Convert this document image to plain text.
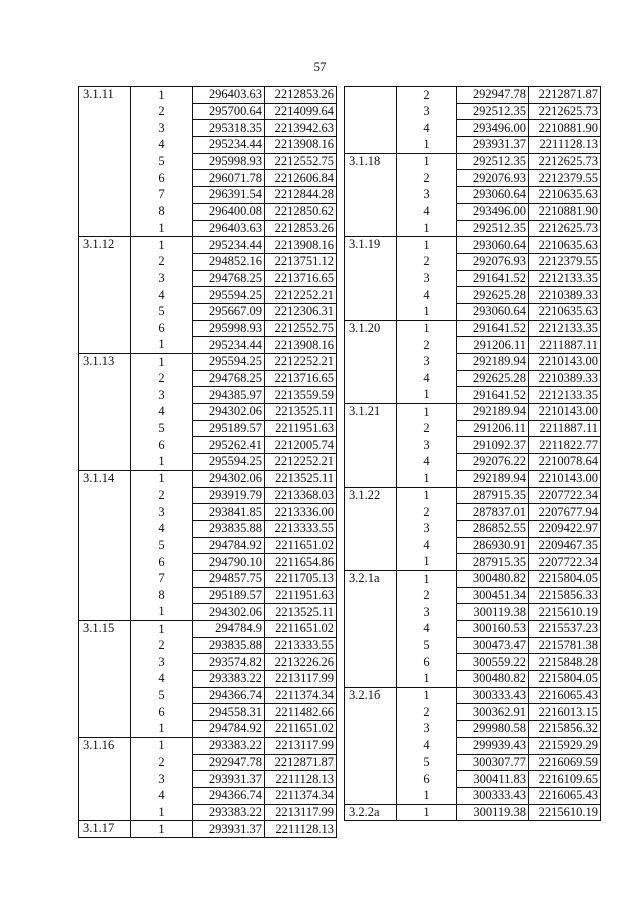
57
3.1.11	1	296403.63	2212853.26
	2	295700.64	2214099.64
	3	295318.35	2213942.63
	4	295234.44	2213908.16
	5	295998.93	2212552.75
	6	296071.78	2212606.84
	7	296391.54	2212844.28
	8	296400.08	2212850.62
	1	296403.63	2212853.26
3.1.12	1	295234.44	2213908.16
	2	294852.16	2213751.12
	3	294768.25	2213716.65
	4	295594.25	2212252.21
	5	295667.09	2212306.31
	6	295998.93	2212552.75
	1	295234.44	2213908.16
3.1.13	1	295594.25	2212252.21
	2	294768.25	2213716.65
	3	294385.97	2213559.59
	4	294302.06	2213525.11
	5	295189.57	2211951.63
	6	295262.41	2212005.74
	1	295594.25	2212252.21
3.1.14	1	294302.06	2213525.11
	2	293919.79	2213368.03
	3	293841.85	2213336.00
	4	293835.88	2213333.55
	5	294784.92	2211651.02
	6	294790.10	2211654.86
	7	294857.75	2211705.13
	8	295189.57	2211951.63
	1	294302.06	2213525.11
3.1.15	1	294784.9	2211651.02
	2	293835.88	2213333.55
	3	293574.82	2213226.26
	4	293383.22	2213117.99
	5	294366.74	2211374.34
	6	294558.31	2211482.66
	1	294784.92	2211651.02
3.1.16	1	293383.22	2213117.99
	2	292947.78	2212871.87
	3	293931.37	2211128.13
	4	294366.74	2211374.34
	1	293383.22	2213117.99
3.1.17	1	293931.37	2211128.13
	2	292947.78	2212871.87
	3	292512.35	2212625.73
	4	293496.00	2210881.90
	1	293931.37	2211128.13
3.1.18	1	292512.35	2212625.73
	2	292076.93	2212379.55
	3	293060.64	2210635.63
	4	293496.00	2210881.90
	1	292512.35	2212625.73
3.1.19	1	293060.64	2210635.63
	2	292076.93	2212379.55
	3	291641.52	2212133.35
	4	292625.28	2210389.33
	1	293060.64	2210635.63
3.1.20	1	291641.52	2212133.35
	2	291206.11	2211887.11
	3	292189.94	2210143.00
	4	292625.28	2210389.33
	1	291641.52	2212133.35
3.1.21	1	292189.94	2210143.00
	2	291206.11	2211887.11
	3	291092.37	2211822.77
	4	292076.22	2210078.64
	1	292189.94	2210143.00
3.1.22	1	287915.35	2207722.34
	2	287837.01	2207677.94
	3	286852.55	2209422.97
	4	286930.91	2209467.35
	1	287915.35	2207722.34
3.2.1a	1	300480.82	2215804.05
	2	300451.34	2215856.33
	3	300119.38	2215610.19
	4	300160.53	2215537.23
	5	300473.47	2215781.38
	6	300559.22	2215848.28
	1	300480.82	2215804.05
3.2.1б	1	300333.43	2216065.43
	2	300362.91	2216013.15
	3	299980.58	2215856.32
	4	299939.43	2215929.29
	5	300307.77	2216069.59
	6	300411.83	2216109.65
	1	300333.43	2216065.43
3.2.2a	1	300119.38	2215610.19
